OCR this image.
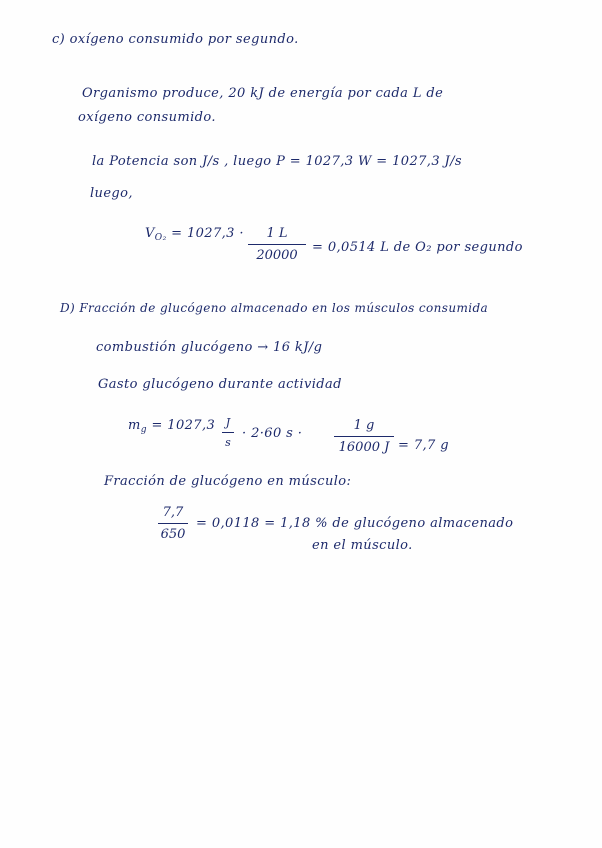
c) oxígeno consumido por segundo.
Organismo produce, 20 kJ de energía por cada L de
oxígeno consumido.
la Potencia son J/s , luego P = 1027,3 W = 1027,3 J/s
luego,
$V_{O_2} = 1027,3 \cdot 1$ L
20000
= 0,0514 L de O₂ por segundo
D) Fracción de glucógeno almacenado en los músculos consumida
combustión glucógeno → 16 kJ/g
Gasto glucógeno durante actividad
$m_g = 1027,3$ J
s
· 2·60 s ·
1 g
16000 J = 7,7 g
Fracción de glucógeno en músculo:
7,7
650
= 0,0118 = 1,18 % de glucógeno almacenado
en el músculo.
